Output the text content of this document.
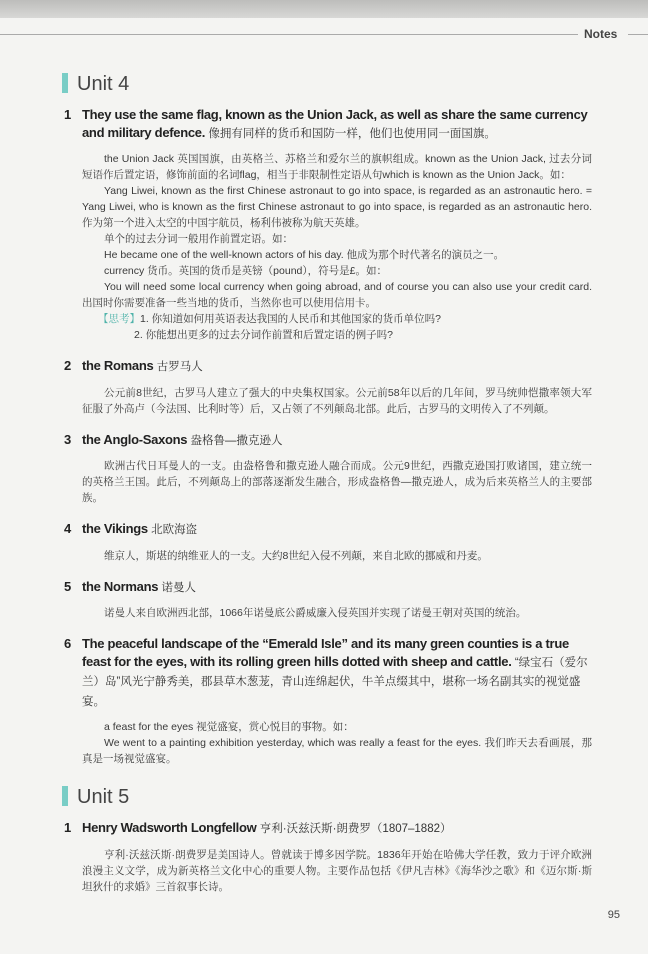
Notes
Unit 4
1 They use the same flag, known as the Union Jack, as well as share the same currency and military defence. 像拥有同样的货币和国防一样，他们也使用同一面国旗。

the Union Jack 英国国旗，由英格兰、苏格兰和爱尔兰的旗帜组成。known as the Union Jack, 过去分词短语作后置定语，修饰前面的名词flag，相当于非限制性定语从句which is known as the Union Jack。如：

Yang Liwei, known as the first Chinese astronaut to go into space, is regarded as an astronautic hero. = Yang Liwei, who is known as the first Chinese astronaut to go into space, is regarded as an astronautic hero. 作为第一个进入太空的中国宇航员，杨利伟被称为航天英雄。

单个的过去分词一般用作前置定语。如：

He became one of the well-known actors of his day. 他成为那个时代著名的演员之一。

currency 货币。英国的货币是英镑（pound），符号是£。如：

You will need some local currency when going abroad, and of course you can also use your credit card. 出国时你需要准备一些当地的货币，当然你也可以使用信用卡。

【思考】1. 你知道如何用英语表达我国的人民币和其他国家的货币单位吗?

2. 你能想出更多的过去分词作前置和后置定语的例子吗?

2 the Romans 古罗马人

公元前8世纪，古罗马人建立了强大的中央集权国家。公元前58年以后的几年间，罗马统帅恺撒率领大军征服了外高卢（今法国、比利时等）后，又占领了不列颠岛北部。此后，古罗马的文明传入了不列颠。

3 the Anglo-Saxons 盎格鲁—撒克逊人

欧洲古代日耳曼人的一支。由盎格鲁和撒克逊人融合而成。公元9世纪，西撒克逊国打败诸国，建立统一的英格兰王国。此后，不列颠岛上的部落逐渐发生融合，形成盎格鲁—撒克逊人，成为后来英格兰人的主要部族。

4 the Vikings 北欧海盗

维京人，斯堪的纳维亚人的一支。大约8世纪入侵不列颠，来自北欧的挪威和丹麦。

5 the Normans 诺曼人

诺曼人来自欧洲西北部，1066年诺曼底公爵威廉入侵英国并实现了诺曼王朝对英国的统治。

6 The peaceful landscape of the “Emerald Isle” and its many green counties is a true feast for the eyes, with its rolling green hills dotted with sheep and cattle. “绿宝石（爱尔兰）岛”风光宁静秀美，郡县草木葱茏，青山连绵起伏，牛羊点缀其中，堪称一场名副其实的视觉盛宴。

a feast for the eyes 视觉盛宴，赏心悦目的事物。如：

We went to a painting exhibition yesterday, which was really a feast for the eyes. 我们昨天去看画展，那真是一场视觉盛宴。

Unit 5
1 Henry Wadsworth Longfellow 亨利·沃兹沃斯·朗费罗（1807–1882）

亨利·沃兹沃斯·朗费罗是美国诗人。曾就读于博多因学院。1836年开始在哈佛大学任教，致力于评介欧洲浪漫主义文学，成为新英格兰文化中心的重要人物。主要作品包括《伊凡吉林》《海华沙之歌》和《迈尔斯·斯坦狄什的求婚》三首叙事长诗。

95
